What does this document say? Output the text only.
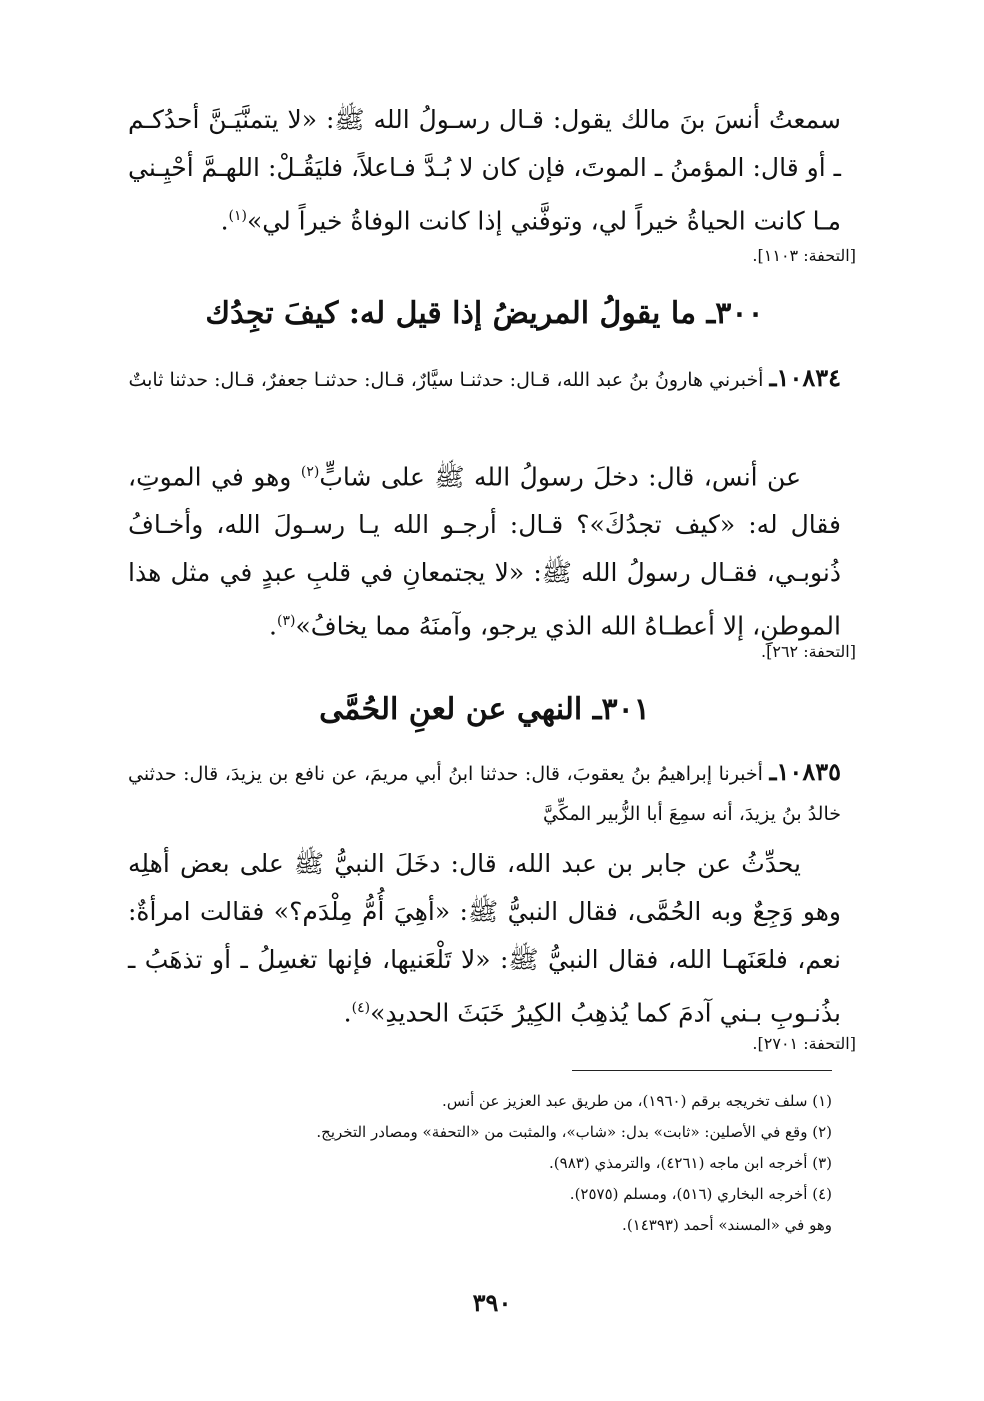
سمعتُ أنسَ بنَ مالك يقول: قـال رسـولُ الله ﷺ: «لا يتمنَّيَـنَّ أحدُكـم ـ أو قال: المؤمنُ ـ الموتَ، فإن كان لا بُـدَّ فـاعلاً، فليَقُـلْ: اللهـمَّ أحْيِـني مـا كانت الحياةُ خيراً لي، وتوفَّني إذا كانت الوفاةُ خيراً لي»$^{(١)}$.

[التحفة: ١١٠٣].
٣٠٠ـ ما يقولُ المريضُ إذا قيل له: كيفَ تجِدُك

١٠٨٣٤ـ أخبرني هارونُ بنُ عبد الله، قـال: حدثنـا سيَّارٌ، قـال: حدثنـا جعفرٌ، قـال: حدثنا ثابتٌ

عن أنس، قال: دخلَ رسولُ الله ﷺ على شابٍّ$^{(٢)}$ وهو في الموتِ، فقال له: «كيف تجدُكَ»؟ قـال: أرجـو الله يـا رسـولَ الله، وأخـافُ ذُنوبـي، فقـال رسولُ الله ﷺ: «لا يجتمعانِ في قلبِ عبدٍ في مثل هذا الموطنِ، إلا أعطـاهُ الله الذي يرجو، وآمنَهُ مما يخافُ»$^{(٣)}$.

[التحفة: ٢٦٢].
٣٠١ـ النهي عن لعنِ الحُمَّى

١٠٨٣٥ـ أخبرنا إبراهيمُ بنُ يعقوبَ، قال: حدثنا ابنُ أبي مريمَ، عن نافع بن يزيدَ، قال: حدثني خالدُ بنُ يزيدَ، أنه سمِعَ أبا الزُّبير المكِّيَّ

يحدِّثُ عن جابر بن عبد الله، قال: دخَلَ النبيُّ ﷺ على بعض أهلِه وهو وَجِعٌ وبه الحُمَّى، فقال النبيُّ ﷺ: «أهِيَ أُمُّ مِلْدَم؟» فقالت امرأةٌ: نعم، فلعَنَهـا الله، فقال النبيُّ ﷺ: «لا تَلْعَنيها، فإنها تغسِلُ ـ أو تذهَبُ ـ بذُنـوبِ بـني آدمَ كما يُذهِبُ الكِيرُ خَبَثَ الحديدِ»$^{(٤)}$.

[التحفة: ٢٧٠١].

(١) سلف تخريجه برقم (١٩٦٠)، من طريق عبد العزيز عن أنس.

(٢) وقع في الأصلين: «ثابت» بدل: «شاب»، والمثبت من «التحفة» ومصادر التخريج.

(٣) أخرجه ابن ماجه (٤٢٦١)، والترمذي (٩٨٣).

(٤) أخرجه البخاري (٥١٦)، ومسلم (٢٥٧٥).

وهو في «المسند» أحمد (١٤٣٩٣).

٣٩٠
